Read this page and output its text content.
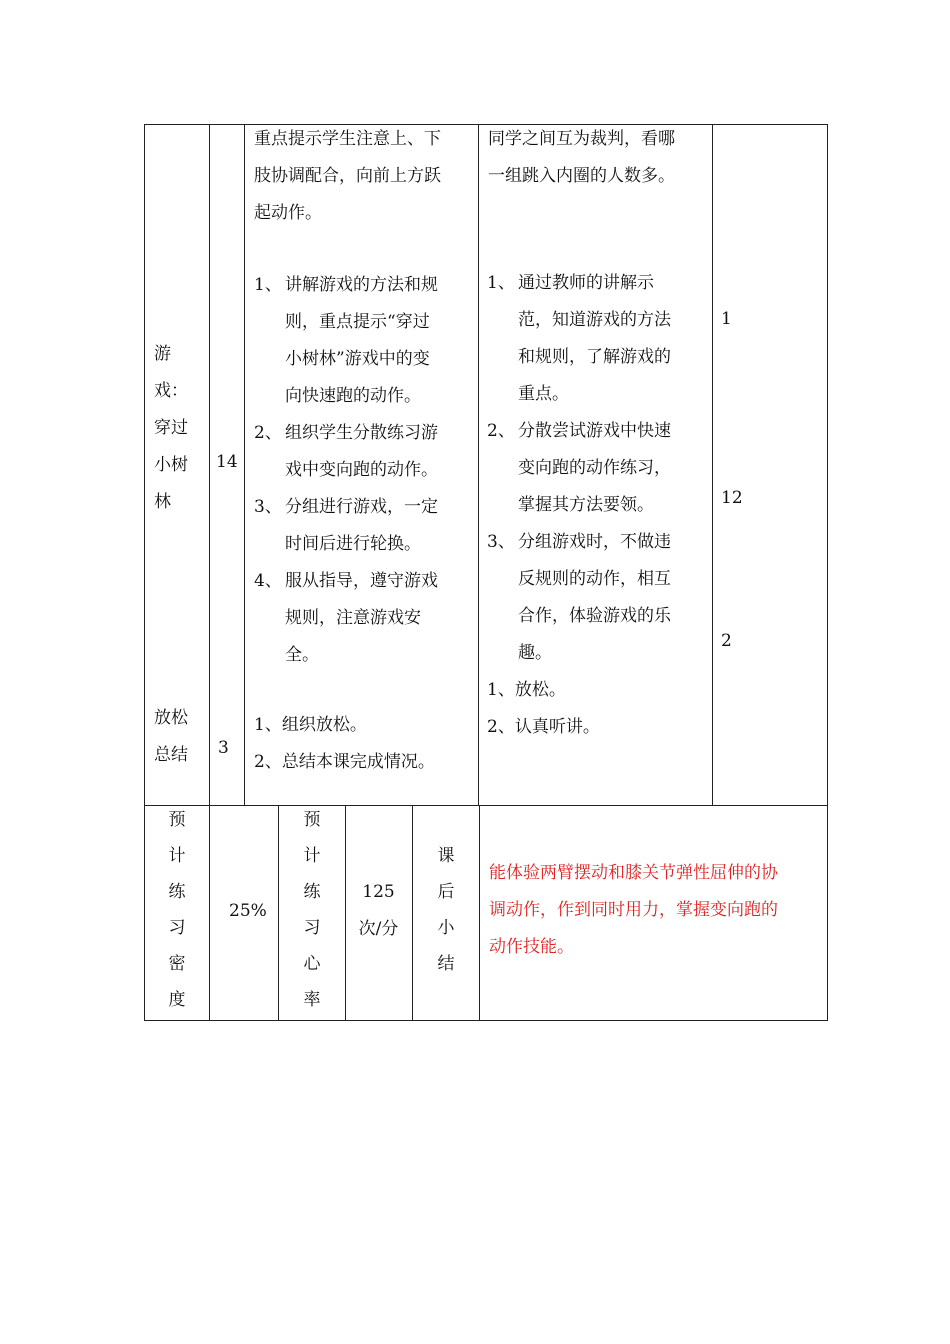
游
戏：
穿过
小树
林
放松
总结
14
3
重点提示学生注意上、下
肢协调配合，向前上方跃
起动作。
1、 讲解游戏的方法和规
则，重点提示“穿过
小树林”游戏中的变
向快速跑的动作。
2、 组织学生分散练习游
戏中变向跑的动作。
3、 分组进行游戏，一定
时间后进行轮换。
4、 服从指导，遵守游戏
规则，注意游戏安
全。
1、组织放松。
2、总结本课完成情况。
同学之间互为裁判，看哪
一组跳入内圈的人数多。
1、 通过教师的讲解示
范，知道游戏的方法
和规则，了解游戏的
重点。
2、 分散尝试游戏中快速
变向跑的动作练习，
掌握其方法要领。
3、 分组游戏时，不做违
反规则的动作，相互
合作，体验游戏的乐
趣。
1、放松。
2、认真听讲。
1
12
2
预
计
练
习
密
度
25%
预
计
练
习
心
率
125
次/分
课
后
小
结
能体验两臂摆动和膝关节弹性屈伸的协
调动作，作到同时用力，掌握变向跑的
动作技能。
